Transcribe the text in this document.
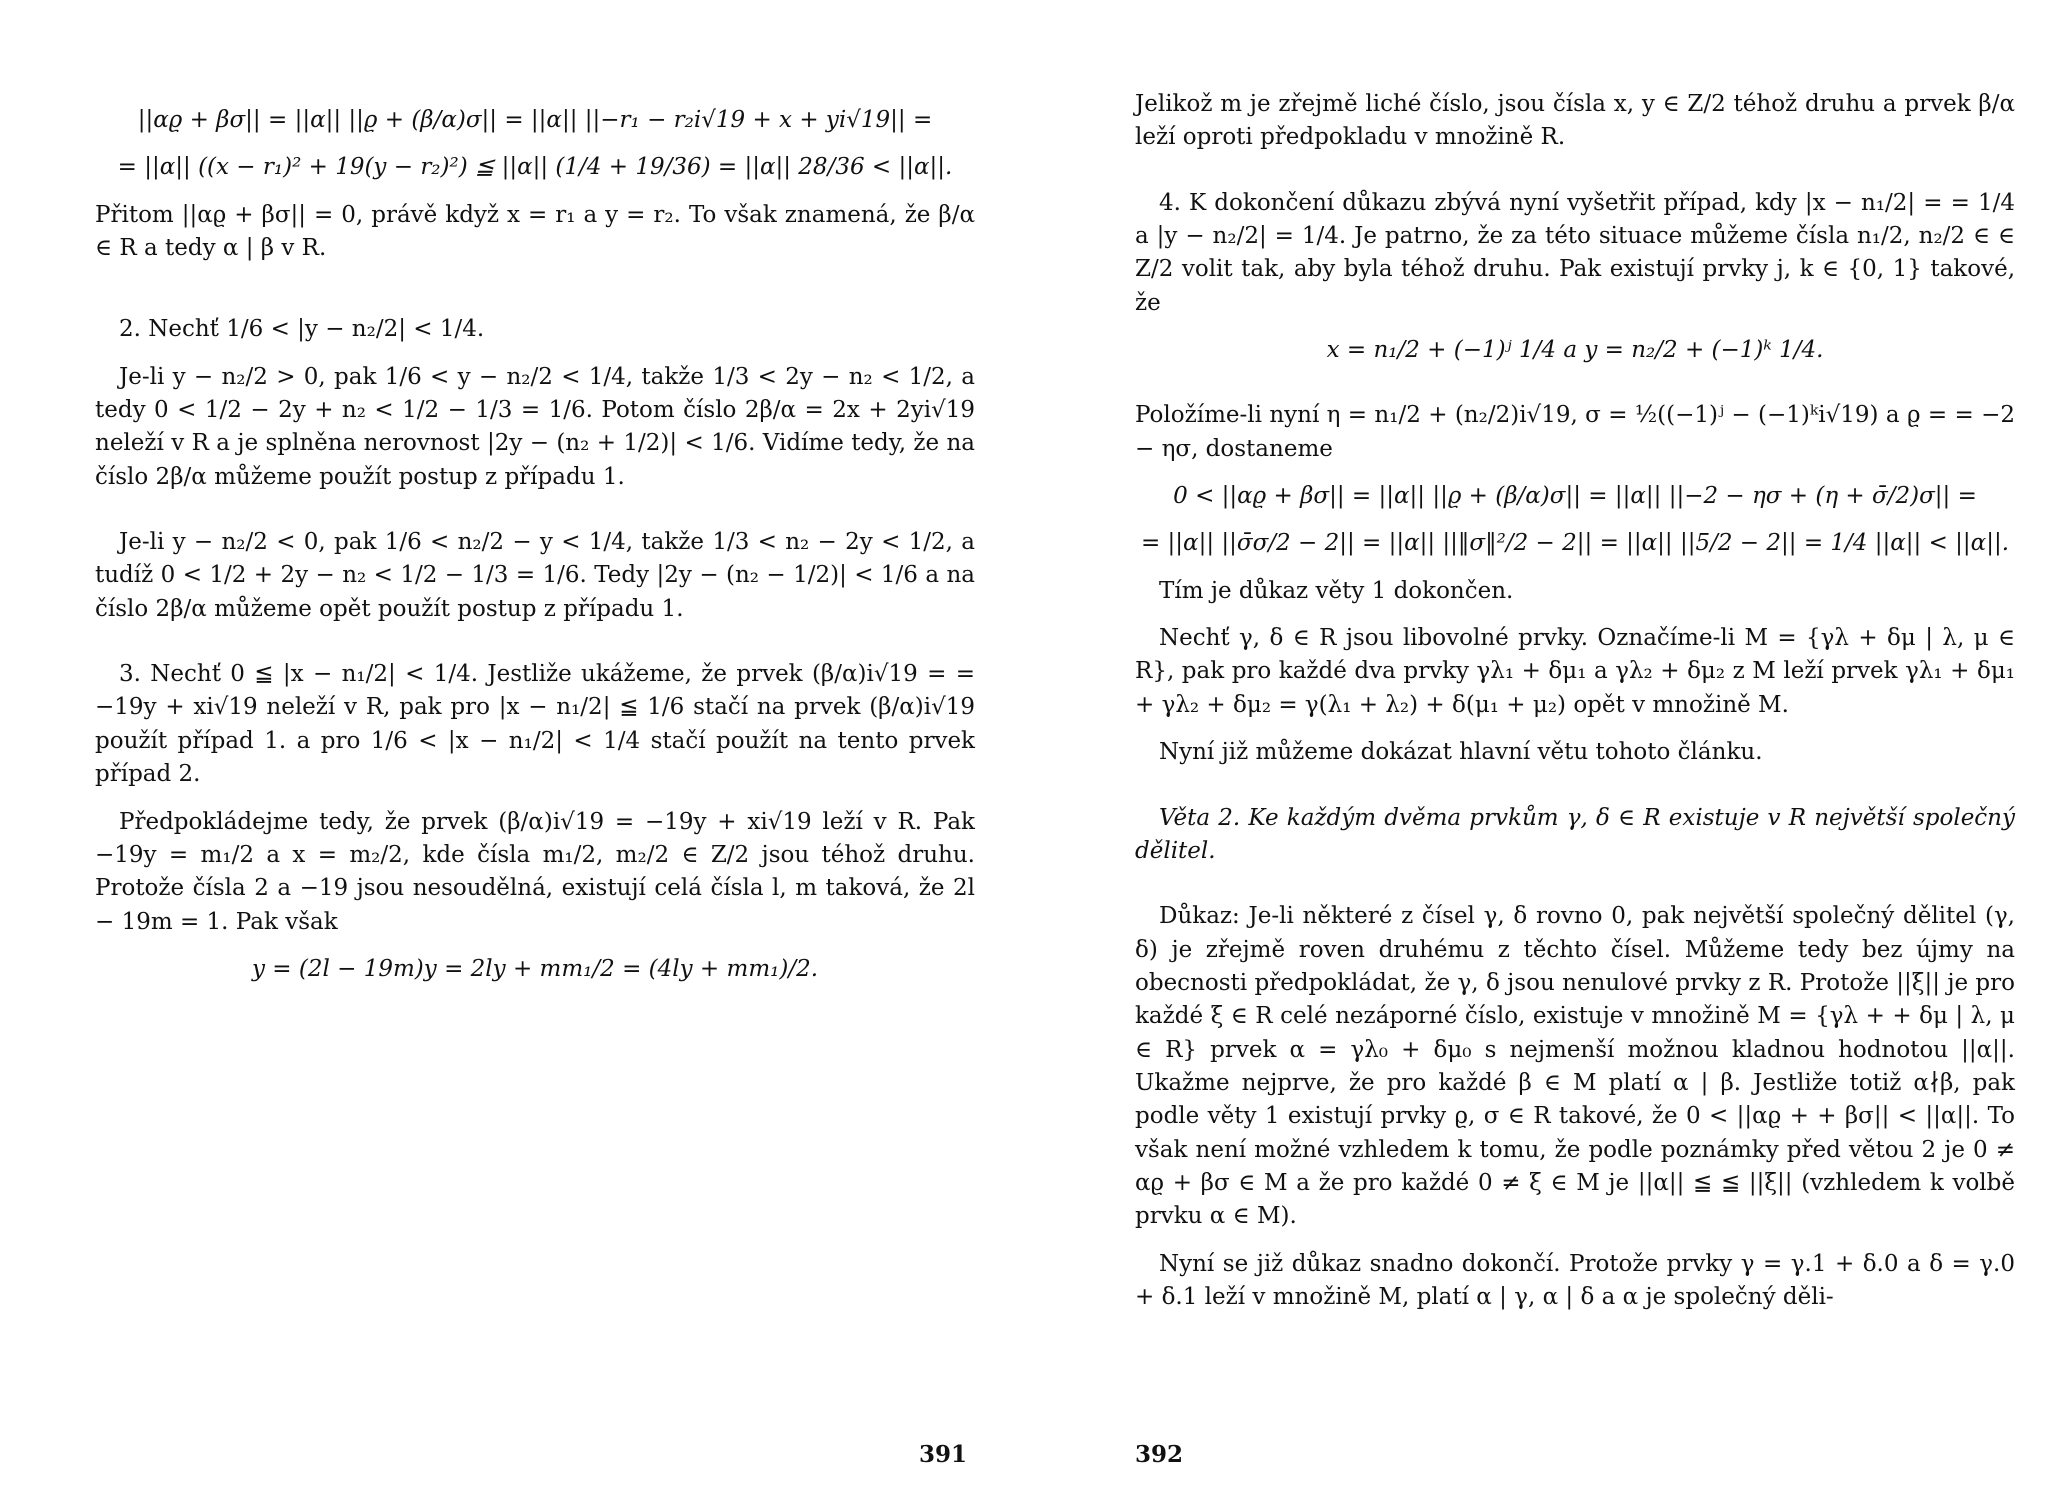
||αϱ + βσ|| = ||α|| ||ϱ + (β/α)σ|| = ||α|| ||−r₁ − r₂i√19 + x + yi√19|| =
= ||α|| ((x − r₁)² + 19(y − r₂)²) ≦ ||α|| (1/4 + 19/36) = ||α|| 28/36 < ||α||.
Přitom ||αϱ + βσ|| = 0, právě když x = r₁ a y = r₂. To však znamená, že β/α ∈ R a tedy α | β v R.
2. Nechť 1/6 < |y − n₂/2| < 1/4.
Je-li y − n₂/2 > 0, pak 1/6 < y − n₂/2 < 1/4, takže 1/3 < 2y − n₂ < 1/2, a tedy 0 < 1/2 − 2y + n₂ < 1/2 − 1/3 = 1/6. Potom číslo 2β/α = 2x + 2yi√19 neleží v R a je splněna nerovnost |2y − (n₂ + 1/2)| < 1/6. Vidíme tedy, že na číslo 2β/α můžeme použít postup z případu 1.
Je-li y − n₂/2 < 0, pak 1/6 < n₂/2 − y < 1/4, takže 1/3 < n₂ − 2y < 1/2, a tudíž 0 < 1/2 + 2y − n₂ < 1/2 − 1/3 = 1/6. Tedy |2y − (n₂ − 1/2)| < 1/6 a na číslo 2β/α můžeme opět použít postup z případu 1.
3. Nechť 0 ≦ |x − n₁/2| < 1/4. Jestliže ukážeme, že prvek (β/α)i√19 = = −19y + xi√19 neleží v R, pak pro |x − n₁/2| ≦ 1/6 stačí na prvek (β/α)i√19 použít případ 1. a pro 1/6 < |x − n₁/2| < 1/4 stačí použít na tento prvek případ 2.
Předpokládejme tedy, že prvek (β/α)i√19 = −19y + xi√19 leží v R. Pak −19y = m₁/2 a x = m₂/2, kde čísla m₁/2, m₂/2 ∈ Z/2 jsou téhož druhu. Protože čísla 2 a −19 jsou nesoudělná, existují celá čísla l, m taková, že 2l − 19m = 1. Pak však
y = (2l − 19m)y = 2ly + mm₁/2 = (4ly + mm₁)/2.
391
Jelikož m je zřejmě liché číslo, jsou čísla x, y ∈ Z/2 téhož druhu a prvek β/α leží oproti předpokladu v množině R.
4. K dokončení důkazu zbývá nyní vyšetřit případ, kdy |x − n₁/2| = = 1/4 a |y − n₂/2| = 1/4. Je patrno, že za této situace můžeme čísla n₁/2, n₂/2 ∈ ∈ Z/2 volit tak, aby byla téhož druhu. Pak existují prvky j, k ∈ {0, 1} takové, že
x = n₁/2 + (−1)ʲ 1/4 a y = n₂/2 + (−1)ᵏ 1/4.
Položíme-li nyní η = n₁/2 + (n₂/2)i√19, σ = ½((−1)ʲ − (−1)ᵏi√19) a ϱ = = −2 − ησ, dostaneme
0 < ||αϱ + βσ|| = ||α|| ||ϱ + (β/α)σ|| = ||α|| ||−2 − ησ + (η + σ̄/2)σ|| =
= ||α|| ||σ̄σ/2 − 2|| = ||α|| ||‖σ‖²/2 − 2|| = ||α|| ||5/2 − 2|| = 1/4 ||α|| < ||α||.
Tím je důkaz věty 1 dokončen.
Nechť γ, δ ∈ R jsou libovolné prvky. Označíme-li M = {γλ + δμ | λ, μ ∈ R}, pak pro každé dva prvky γλ₁ + δμ₁ a γλ₂ + δμ₂ z M leží prvek γλ₁ + δμ₁ + γλ₂ + δμ₂ = γ(λ₁ + λ₂) + δ(μ₁ + μ₂) opět v množině M.
Nyní již můžeme dokázat hlavní větu tohoto článku.
Věta 2. Ke každým dvěma prvkům γ, δ ∈ R existuje v R největší společný dělitel.
Důkaz: Je-li některé z čísel γ, δ rovno 0, pak největší společný dělitel (γ, δ) je zřejmě roven druhému z těchto čísel. Můžeme tedy bez újmy na obecnosti předpokládat, že γ, δ jsou nenulové prvky z R. Protože ||ξ|| je pro každé ξ ∈ R celé nezáporné číslo, existuje v množině M = {γλ + + δμ | λ, μ ∈ R} prvek α = γλ₀ + δμ₀ s nejmenší možnou kladnou hodnotou ||α||. Ukažme nejprve, že pro každé β ∈ M platí α | β. Jestliže totiž α∤β, pak podle věty 1 existují prvky ϱ, σ ∈ R takové, že 0 < ||αϱ + + βσ|| < ||α||. To však není možné vzhledem k tomu, že podle poznámky před větou 2 je 0 ≠ αϱ + βσ ∈ M a že pro každé 0 ≠ ξ ∈ M je ||α|| ≦ ≦ ||ξ|| (vzhledem k volbě prvku α ∈ M).
Nyní se již důkaz snadno dokončí. Protože prvky γ = γ.1 + δ.0 a δ = γ.0 + δ.1 leží v množině M, platí α | γ, α | δ a α je společný děli-
392
